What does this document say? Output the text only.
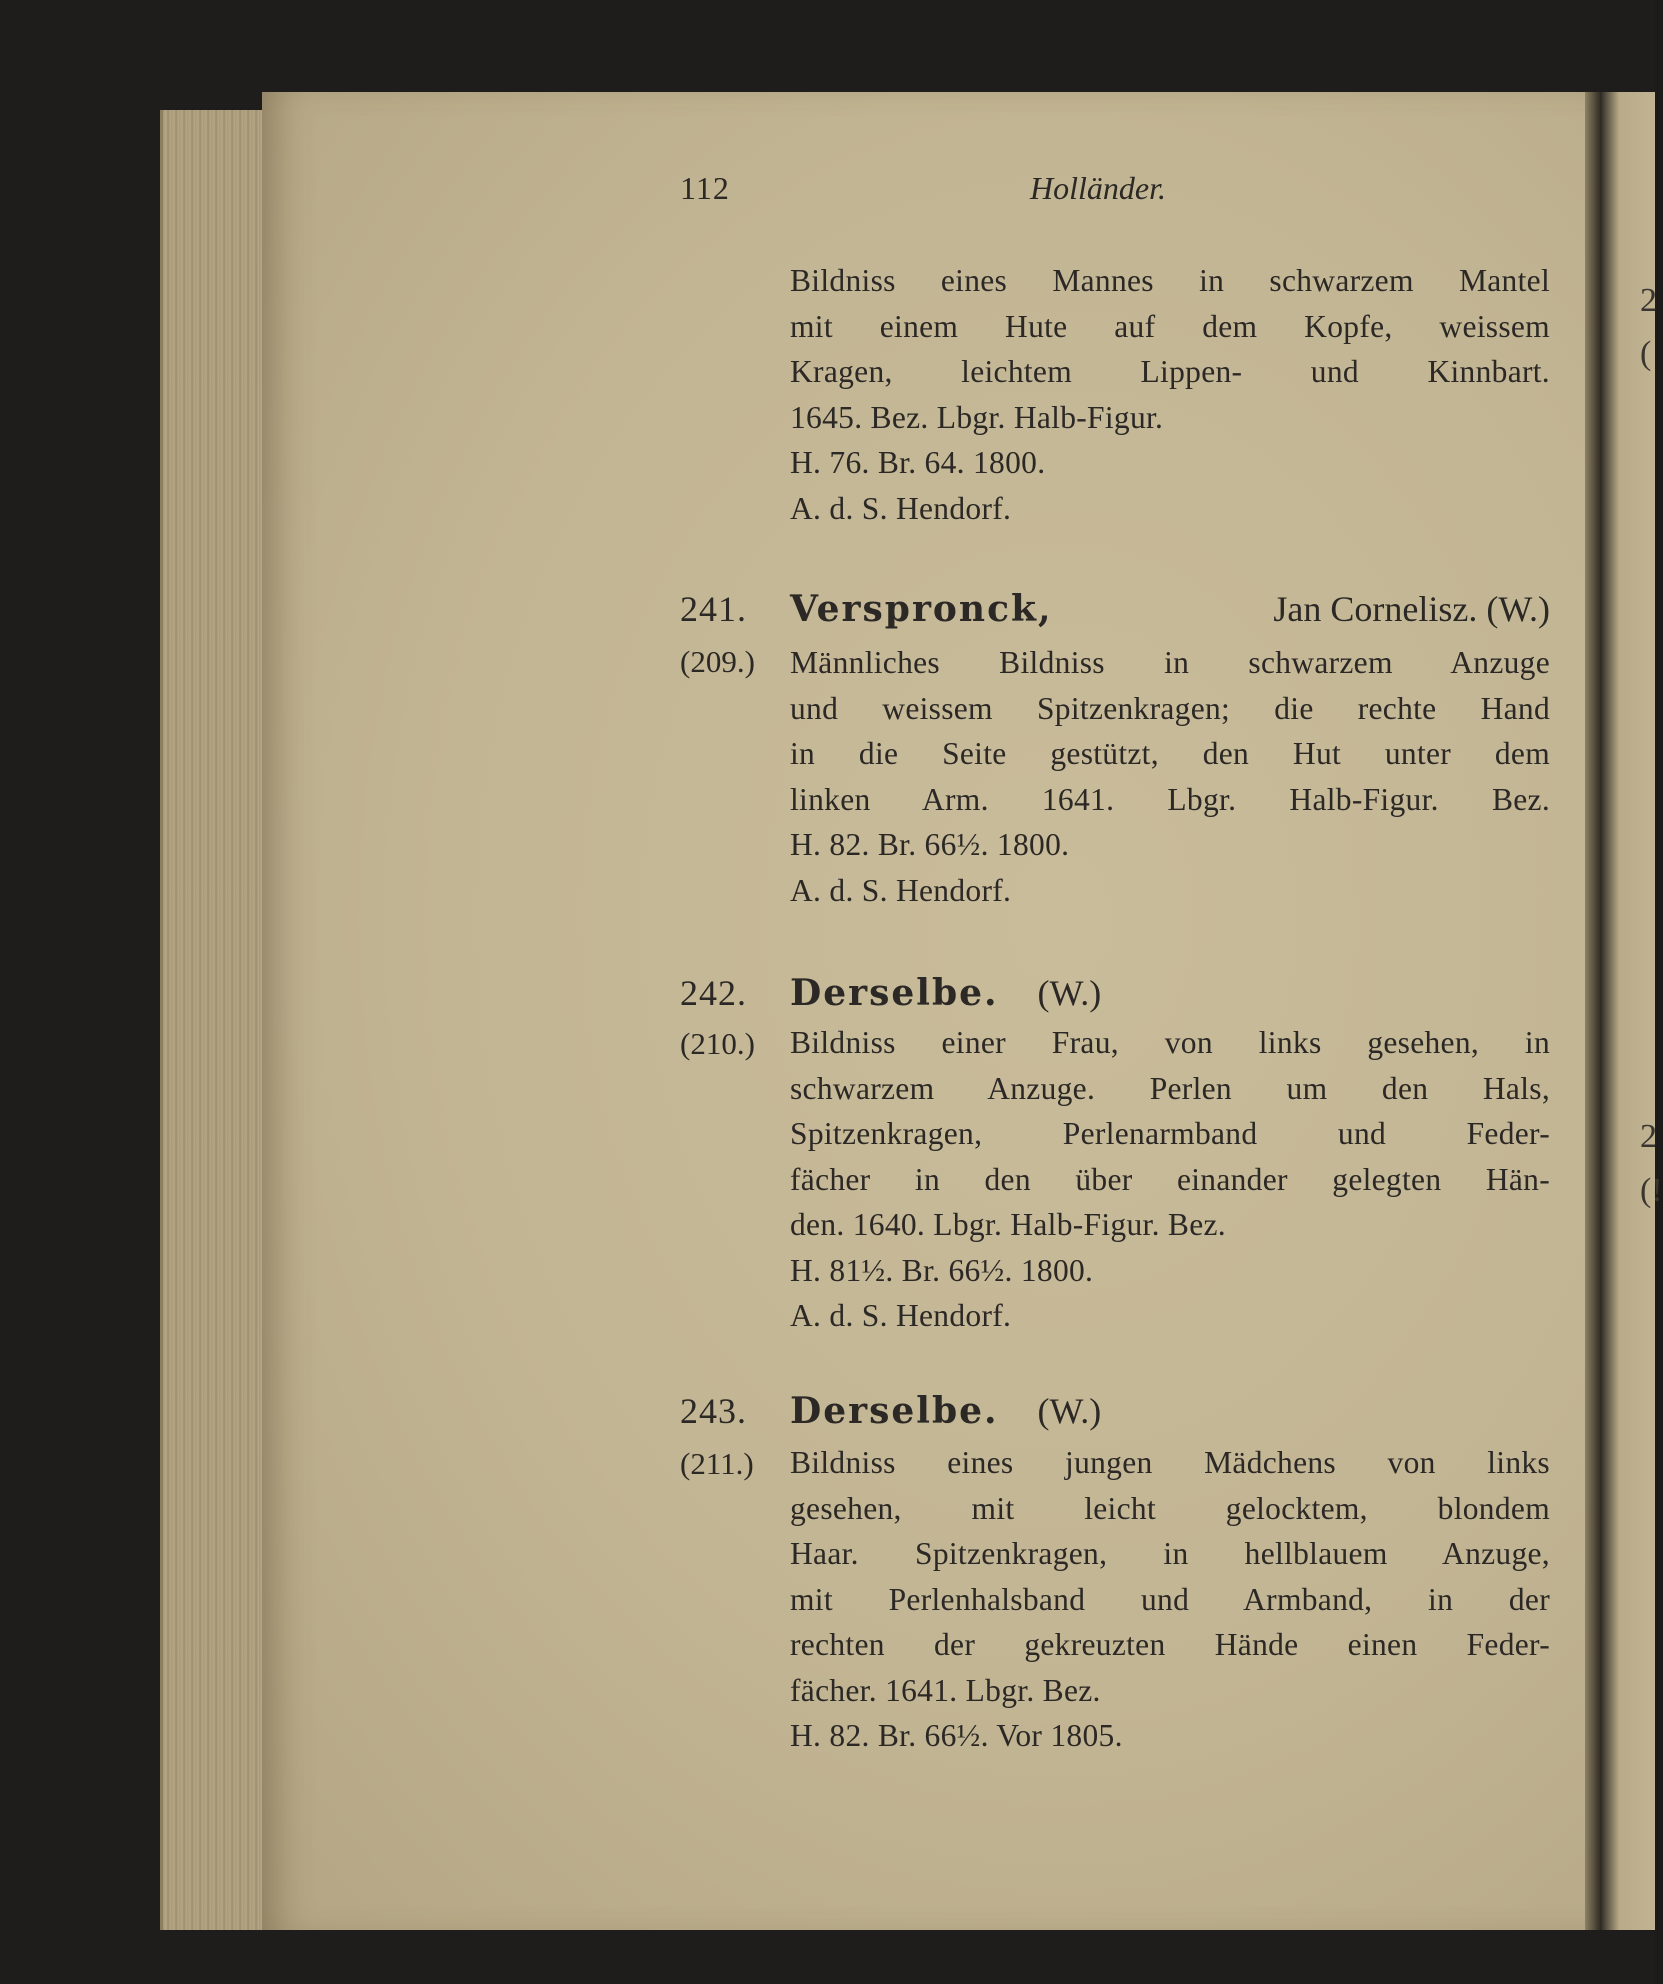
2
(
2
(!
112	Holländer.
Bildniss eines Mannes in schwarzem Mantel
mit einem Hute auf dem Kopfe, weissem
Kragen, leichtem Lippen- und Kinnbart.
1645. Bez. Lbgr. Halb-Figur.
H. 76. Br. 64. 1800.
A. d. S. Hendorf.
241.
(209.)
Verspronck,	Jan Cornelisz. (W.)
Männliches Bildniss in schwarzem Anzuge
und weissem Spitzenkragen; die rechte Hand
in die Seite gestützt, den Hut unter dem
linken Arm. 1641. Lbgr. Halb-Figur. Bez.
H. 82. Br. 66½. 1800.
A. d. S. Hendorf.
242.
(210.)
Derselbe. (W.)
Bildniss einer Frau, von links gesehen, in
schwarzem Anzuge. Perlen um den Hals,
Spitzenkragen, Perlenarmband und Feder-
fächer in den über einander gelegten Hän-
den. 1640. Lbgr. Halb-Figur. Bez.
H. 81½. Br. 66½. 1800.
A. d. S. Hendorf.
243.
(211.)
Derselbe. (W.)
Bildniss eines jungen Mädchens von links
gesehen, mit leicht gelocktem, blondem
Haar. Spitzenkragen, in hellblauem Anzuge,
mit Perlenhalsband und Armband, in der
rechten der gekreuzten Hände einen Feder-
fächer. 1641. Lbgr. Bez.
H. 82. Br. 66½. Vor 1805.
